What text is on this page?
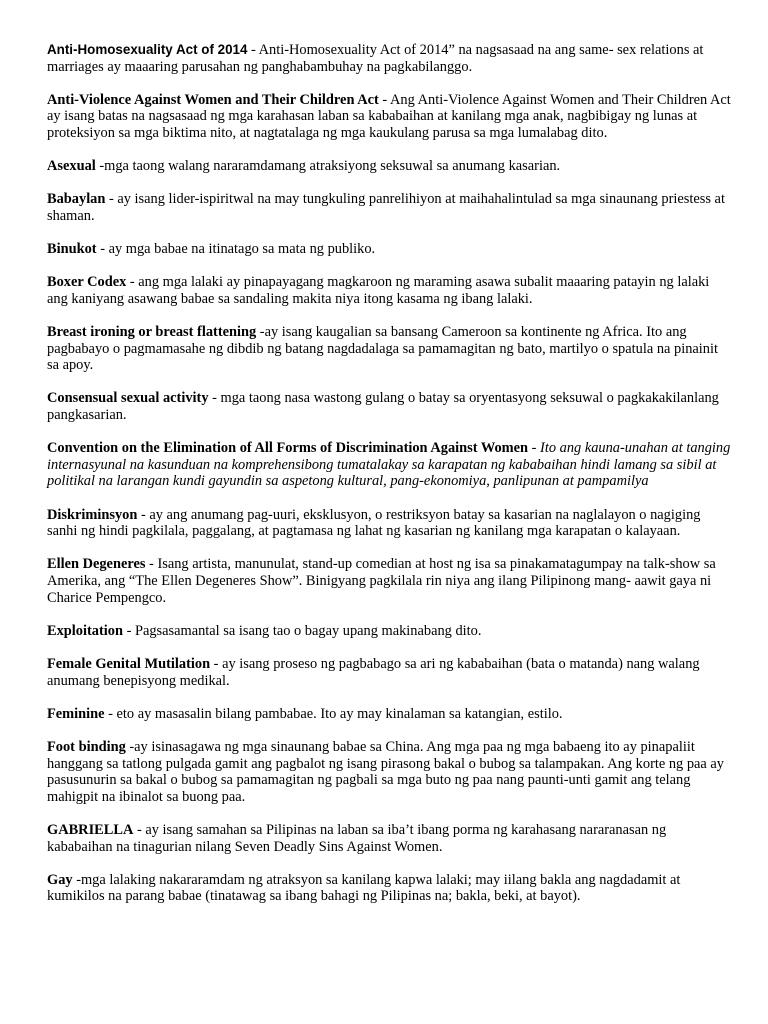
Anti-Homosexuality Act of 2014 - Anti-Homosexuality Act of 2014” na nagsasaad na ang same- sex relations at marriages ay maaaring parusahan ng panghabambuhay na pagkabilanggo.

Anti-Violence Against Women and Their Children Act - Ang Anti-Violence Against Women and Their Children Act ay isang batas na nagsasaad ng mga karahasan laban sa kababaihan at kanilang mga anak, nagbibigay ng lunas at proteksiyon sa mga biktima nito, at nagtatalaga ng mga kaukulang parusa sa mga lumalabag dito.

Asexual -mga taong walang nararamdamang atraksiyong seksuwal sa anumang kasarian.

Babaylan - ay isang lider-ispiritwal na may tungkuling panrelihiyon at maihahalintulad sa mga sinaunang priestess at shaman.

Binukot - ay mga babae na itinatago sa mata ng publiko.

Boxer Codex - ang mga lalaki ay pinapayagang magkaroon ng maraming asawa subalit maaaring patayin ng lalaki ang kaniyang asawang babae sa sandaling makita niya itong kasama ng ibang lalaki.

Breast ironing or breast flattening -ay isang kaugalian sa bansang Cameroon sa kontinente ng Africa. Ito ang pagbabayo o pagmamasahe ng dibdib ng batang nagdadalaga sa pamamagitan ng bato, martilyo o spatula na pinainit sa apoy.

Consensual sexual activity - mga taong nasa wastong gulang o batay sa oryentasyong seksuwal o pagkakakilanlang pangkasarian.

Convention on the Elimination of All Forms of Discrimination Against Women - Ito ang kauna-unahan at tanging internasyunal na kasunduan na komprehensibong tumatalakay sa karapatan ng kababaihan hindi lamang sa sibil at politikal na larangan kundi gayundin sa aspetong kultural, pang-ekonomiya, panlipunan at pampamilya

Diskriminsyon - ay ang anumang pag-uuri, eksklusyon, o restriksyon batay sa kasarian na naglalayon o nagiging sanhi ng hindi pagkilala, paggalang, at pagtamasa ng lahat ng kasarian ng kanilang mga karapatan o kalayaan.

Ellen Degeneres - Isang artista, manunulat, stand-up comedian at host ng isa sa pinakamatagumpay na talk-show sa Amerika, ang “The Ellen Degeneres Show”. Binigyang pagkilala rin niya ang ilang Pilipinong mang- aawit gaya ni Charice Pempengco.

Exploitation - Pagsasamantal sa isang tao o bagay upang makinabang dito.

Female Genital Mutilation - ay isang proseso ng pagbabago sa ari ng kababaihan (bata o matanda) nang walang anumang benepisyong medikal.

Feminine - eto ay masasalin bilang pambabae. Ito ay may kinalaman sa katangian, estilo.

Foot binding -ay isinasagawa ng mga sinaunang babae sa China. Ang mga paa ng mga babaeng ito ay pinapaliit hanggang sa tatlong pulgada gamit ang pagbalot ng isang pirasong bakal o bubog sa talampakan. Ang korte ng paa ay pasusunurin sa bakal o bubog sa pamamagitan ng pagbali sa mga buto ng paa nang paunti-unti gamit ang telang mahigpit na ibinalot sa buong paa.

GABRIELLA - ay isang samahan sa Pilipinas na laban sa iba’t ibang porma ng karahasang nararanasan ng kababaihan na tinagurian nilang Seven Deadly Sins Against Women.

Gay -mga lalaking nakararamdam ng atraksyon sa kanilang kapwa lalaki; may iilang bakla ang nagdadamit at kumikilos na parang babae (tinatawag sa ibang bahagi ng Pilipinas na; bakla, beki, at bayot).
